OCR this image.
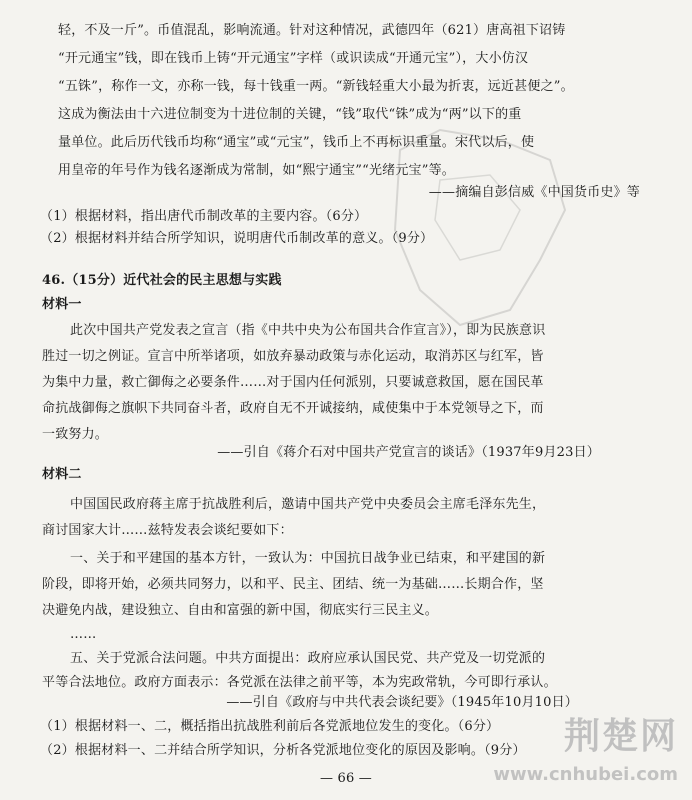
轻，不及一斤”。币值混乱，影响流通。针对这种情况，武德四年（621）唐高祖下诏铸
“开元通宝”钱，即在钱币上铸“开元通宝”字样（或识读成“开通元宝”），大小仿汉
“五铢”，称作一文，亦称一钱，每十钱重一两。“新钱轻重大小最为折衷，远近甚便之”。
这成为衡法由十六进位制变为十进位制的关键，“钱”取代“铢”成为“两”以下的重
量单位。此后历代钱币均称“通宝”或“元宝”，钱币上不再标识重量。宋代以后，使
用皇帝的年号作为钱名逐渐成为常制，如“熙宁通宝”“光绪元宝”等。
——摘编自彭信威《中国货币史》等
（1）根据材料，指出唐代币制改革的主要内容。（6分）
（2）根据材料并结合所学知识，说明唐代币制改革的意义。（9分）
46.（15分）近代社会的民主思想与实践
材料一
此次中国共产党发表之宣言（指《中共中央为公布国共合作宣言》），即为民族意识
胜过一切之例证。宣言中所举诸项，如放弃暴动政策与赤化运动，取消苏区与红军，皆
为集中力量，救亡御侮之必要条件……对于国内任何派别，只要诚意救国，愿在国民革
命抗战御侮之旗帜下共同奋斗者，政府自无不开诚接纳，咸使集中于本党领导之下，而
一致努力。
——引自《蒋介石对中国共产党宣言的谈话》（1937年9月23日）
材料二
中国国民政府蒋主席于抗战胜利后，邀请中国共产党中央委员会主席毛泽东先生，
商讨国家大计……兹特发表会谈纪要如下：
一、关于和平建国的基本方针，一致认为：中国抗日战争业已结束，和平建国的新
阶段，即将开始，必须共同努力，以和平、民主、团结、统一为基础……长期合作，坚
决避免内战，建设独立、自由和富强的新中国，彻底实行三民主义。
……
五、关于党派合法问题。中共方面提出：政府应承认国民党、共产党及一切党派的
平等合法地位。政府方面表示：各党派在法律之前平等，本为宪政常轨，今可即行承认。
——引自《政府与中共代表会谈纪要》（1945年10月10日）
（1）根据材料一、二，概括指出抗战胜利前后各党派地位发生的变化。（6分）
（2）根据材料一、二并结合所学知识，分析各党派地位变化的原因及影响。（9分）
— 66 —
荆楚网
www.cnhubei.com
